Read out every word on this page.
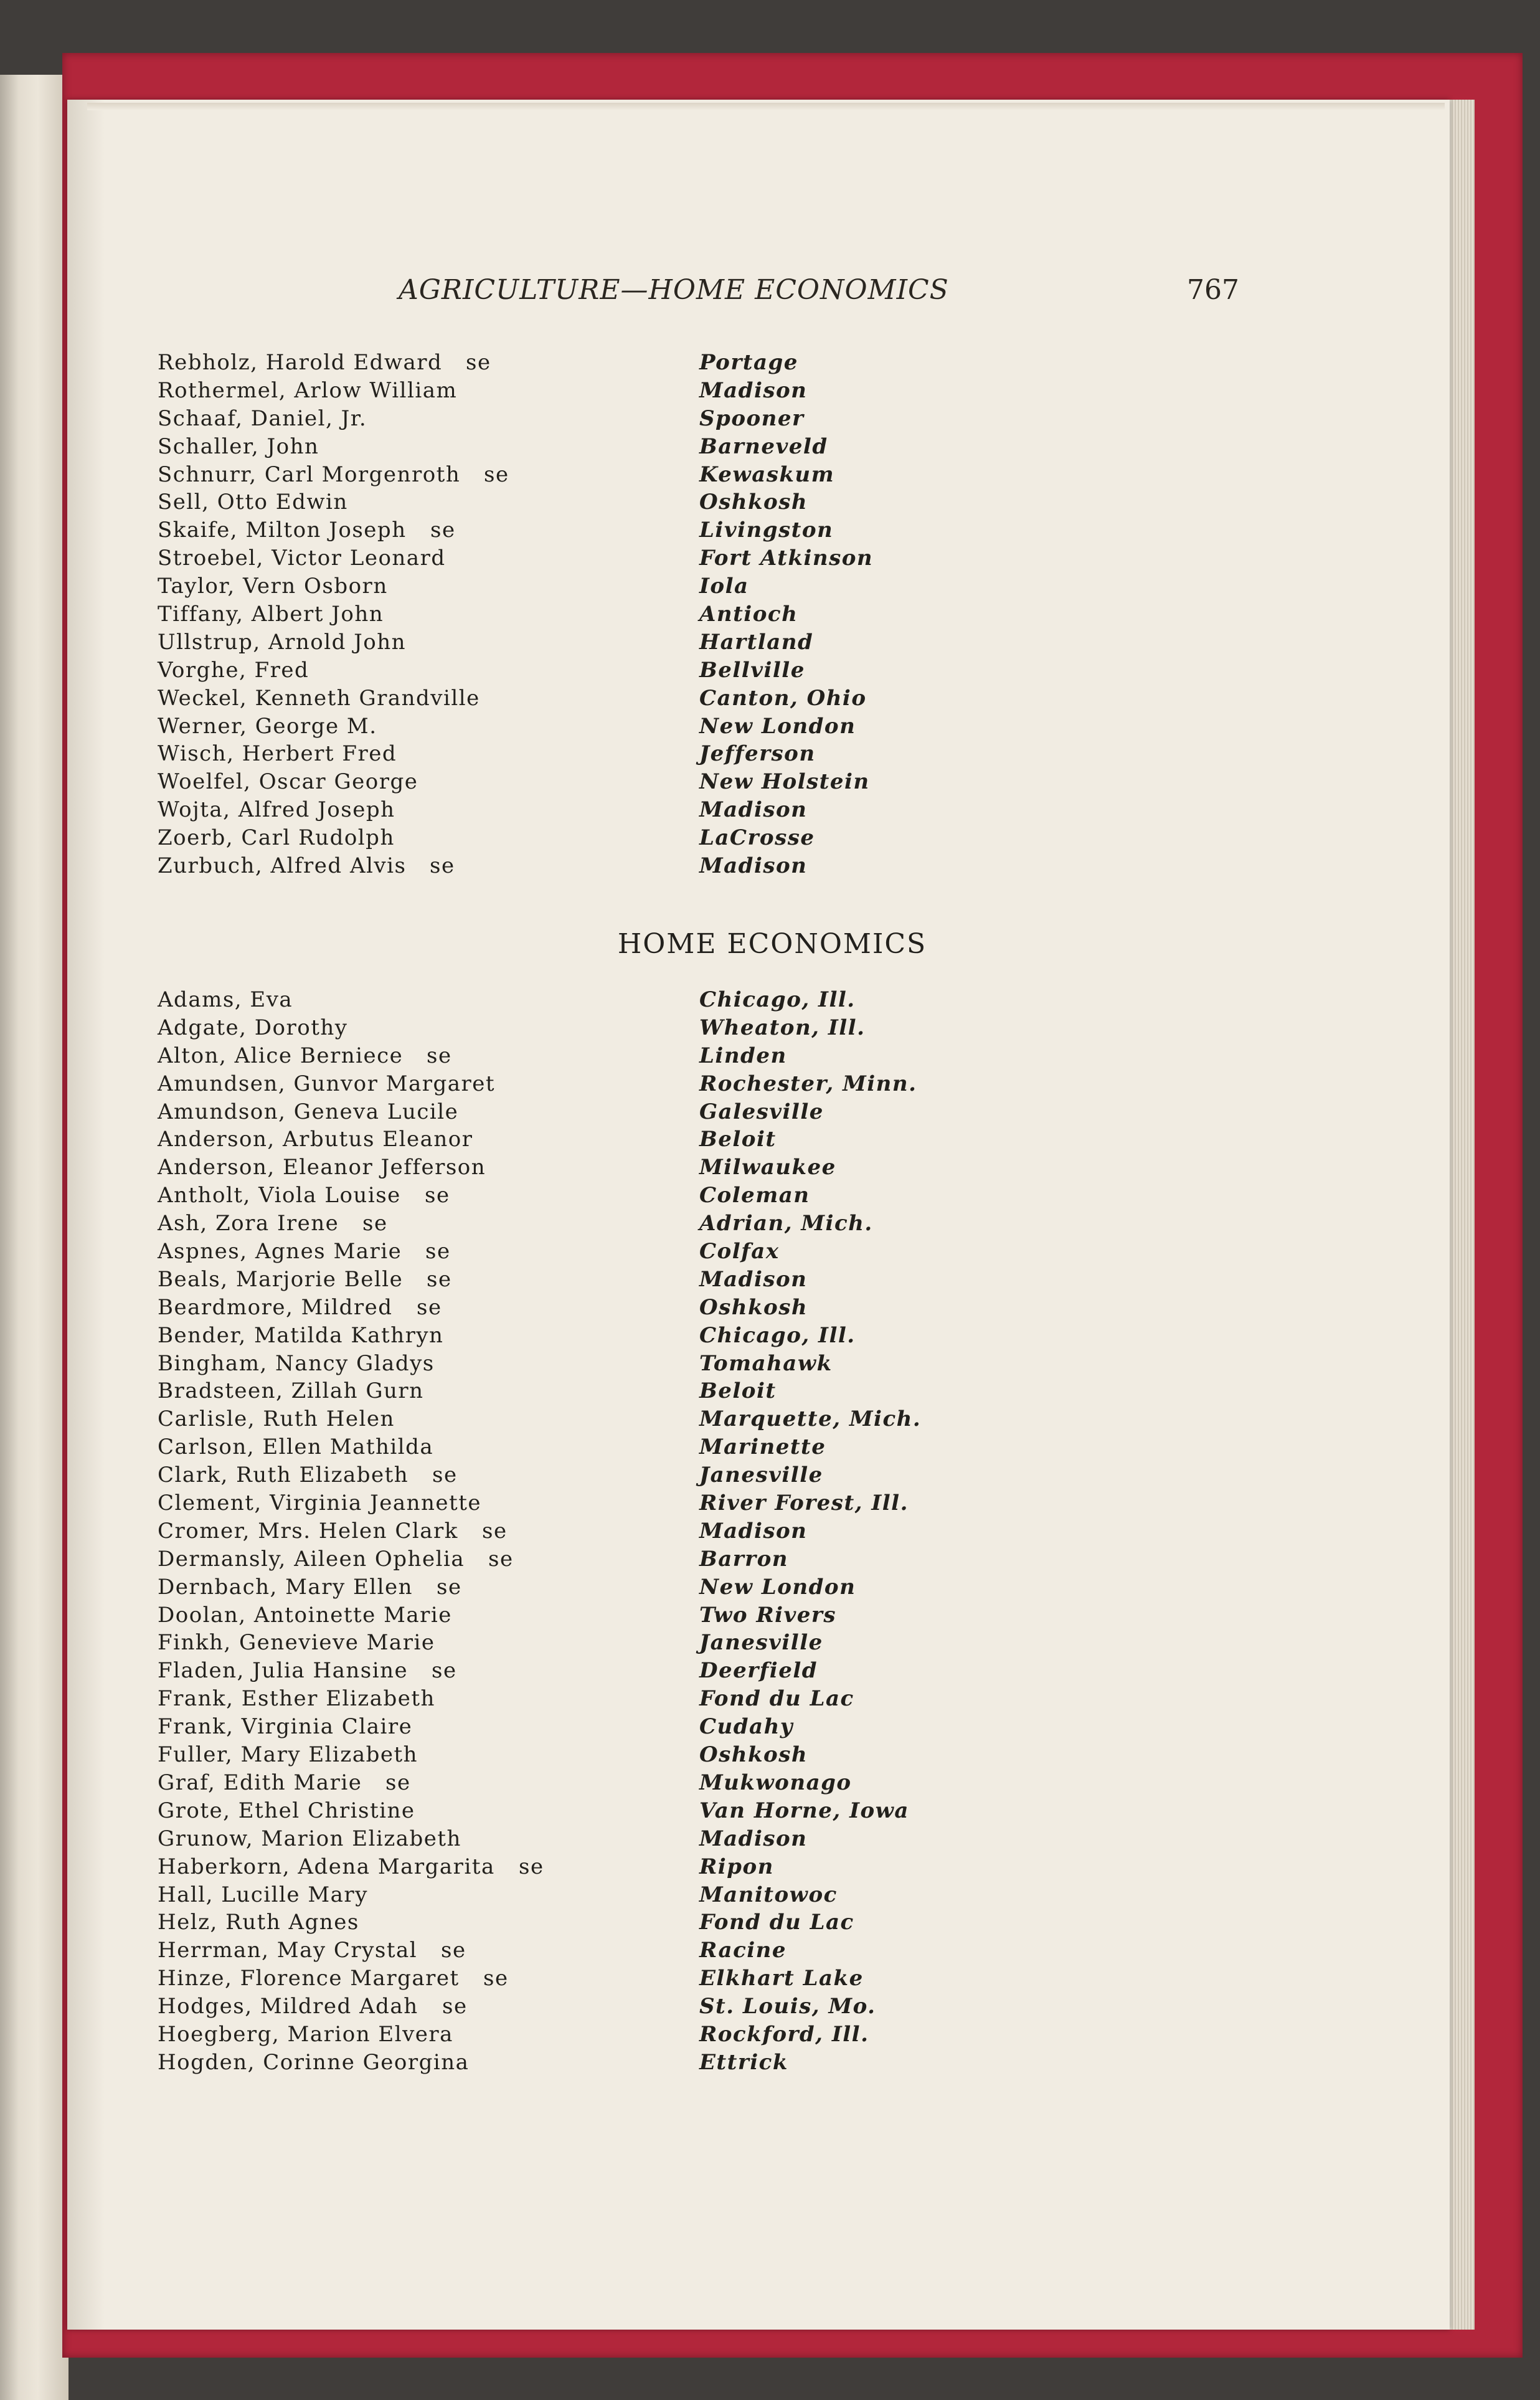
AGRICULTURE—HOME ECONOMICS	767
Rebholz, Harold Edward se	Portage
Rothermel, Arlow William	Madison
Schaaf, Daniel, Jr.	Spooner
Schaller, John	Barneveld
Schnurr, Carl Morgenroth se	Kewaskum
Sell, Otto Edwin	Oshkosh
Skaife, Milton Joseph se	Livingston
Stroebel, Victor Leonard	Fort Atkinson
Taylor, Vern Osborn	Iola
Tiffany, Albert John	Antioch
Ullstrup, Arnold John	Hartland
Vorghe, Fred	Bellville
Weckel, Kenneth Grandville	Canton, Ohio
Werner, George M.	New London
Wisch, Herbert Fred	Jefferson
Woelfel, Oscar George	New Holstein
Wojta, Alfred Joseph	Madison
Zoerb, Carl Rudolph	LaCrosse
Zurbuch, Alfred Alvis se	Madison
HOME ECONOMICS
Adams, Eva	Chicago, Ill.
Adgate, Dorothy	Wheaton, Ill.
Alton, Alice Berniece se	Linden
Amundsen, Gunvor Margaret	Rochester, Minn.
Amundson, Geneva Lucile	Galesville
Anderson, Arbutus Eleanor	Beloit
Anderson, Eleanor Jefferson	Milwaukee
Antholt, Viola Louise se	Coleman
Ash, Zora Irene se	Adrian, Mich.
Aspnes, Agnes Marie se	Colfax
Beals, Marjorie Belle se	Madison
Beardmore, Mildred se	Oshkosh
Bender, Matilda Kathryn	Chicago, Ill.
Bingham, Nancy Gladys	Tomahawk
Bradsteen, Zillah Gurn	Beloit
Carlisle, Ruth Helen	Marquette, Mich.
Carlson, Ellen Mathilda	Marinette
Clark, Ruth Elizabeth se	Janesville
Clement, Virginia Jeannette	River Forest, Ill.
Cromer, Mrs. Helen Clark se	Madison
Dermansly, Aileen Ophelia se	Barron
Dernbach, Mary Ellen se	New London
Doolan, Antoinette Marie	Two Rivers
Finkh, Genevieve Marie	Janesville
Fladen, Julia Hansine se	Deerfield
Frank, Esther Elizabeth	Fond du Lac
Frank, Virginia Claire	Cudahy
Fuller, Mary Elizabeth	Oshkosh
Graf, Edith Marie se	Mukwonago
Grote, Ethel Christine	Van Horne, Iowa
Grunow, Marion Elizabeth	Madison
Haberkorn, Adena Margarita se	Ripon
Hall, Lucille Mary	Manitowoc
Helz, Ruth Agnes	Fond du Lac
Herrman, May Crystal se	Racine
Hinze, Florence Margaret se	Elkhart Lake
Hodges, Mildred Adah se	St. Louis, Mo.
Hoegberg, Marion Elvera	Rockford, Ill.
Hogden, Corinne Georgina	Ettrick
